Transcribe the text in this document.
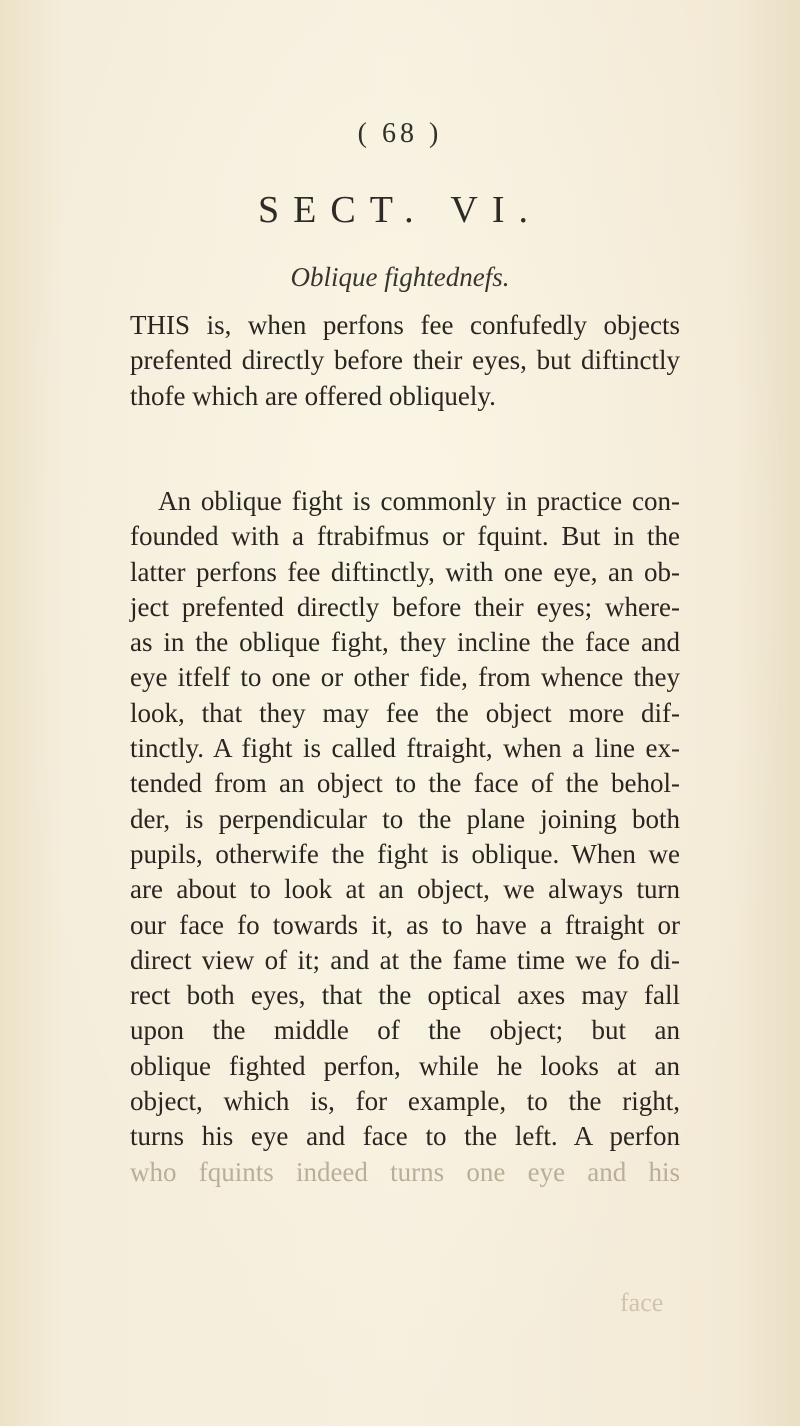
( 68 )
SECT. VI.
Oblique fightednefs.

THIS is, when perfons fee confufedly objects
prefented directly before their eyes, but diftinctly
thofe which are offered obliquely.

An oblique fight is commonly in practice con-
founded with a ftrabifmus or fquint. But in the
latter perfons fee diftinctly, with one eye, an ob-
ject prefented directly before their eyes; where-
as in the oblique fight, they incline the face and
eye itfelf to one or other fide, from whence they
look, that they may fee the object more dif-
tinctly. A fight is called ftraight, when a line ex-
tended from an object to the face of the behol-
der, is perpendicular to the plane joining both
pupils, otherwife the fight is oblique. When we
are about to look at an object, we always turn
our face fo towards it, as to have a ftraight or
direct view of it; and at the fame time we fo di-
rect both eyes, that the optical axes may fall
upon the middle of the object; but an
oblique fighted perfon, while he looks at an
object, which is, for example, to the right,
turns his eye and face to the left. A perfon
who fquints indeed turns one eye and his

face
